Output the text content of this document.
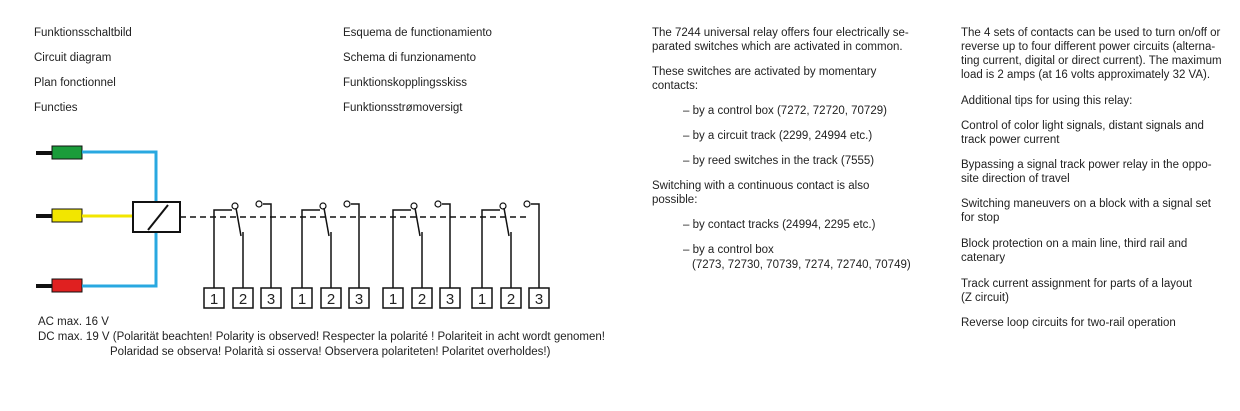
Funktionsschaltbild
Circuit diagram
Plan fonctionnel
Functies
Esquema de functionamiento
Schema di funzionamento
Funktionskopplingsskiss
Funktionsstrømoversigt
1 2 3 1 2 3 1 2 3 1 2 3
AC max. 16 V
DC max. 19 V (Polarität beachten! Polarity is observed! Respecter la polarité ! Polariteit in acht wordt genomen!
Polaridad se observa! Polarità si osserva! Observera polariteten! Polaritet overholdes!)
The 7244 universal relay offers four electrically se-
parated switches which are activated in common.
These switches are activated by momentary
contacts:
– by a control box (7272, 72720, 70729)
– by a circuit track (2299, 24994 etc.)
– by reed switches in the track (7555)
Switching with a continuous contact is also
possible:
– by contact tracks (24994, 2295 etc.)
– by a control box
(7273, 72730, 70739, 7274, 72740, 70749)
The 4 sets of contacts can be used to turn on/off or
reverse up to four different power circuits (alterna-
ting current, digital or direct current). The maximum
load is 2 amps (at 16 volts approximately 32 VA).
Additional tips for using this relay:
Control of color light signals, distant signals and
track power current
Bypassing a signal track power relay in the oppo-
site direction of travel
Switching maneuvers on a block with a signal set
for stop
Block protection on a main line, third rail and
catenary
Track current assignment for parts of a layout
(Z circuit)
Reverse loop circuits for two-rail operation
